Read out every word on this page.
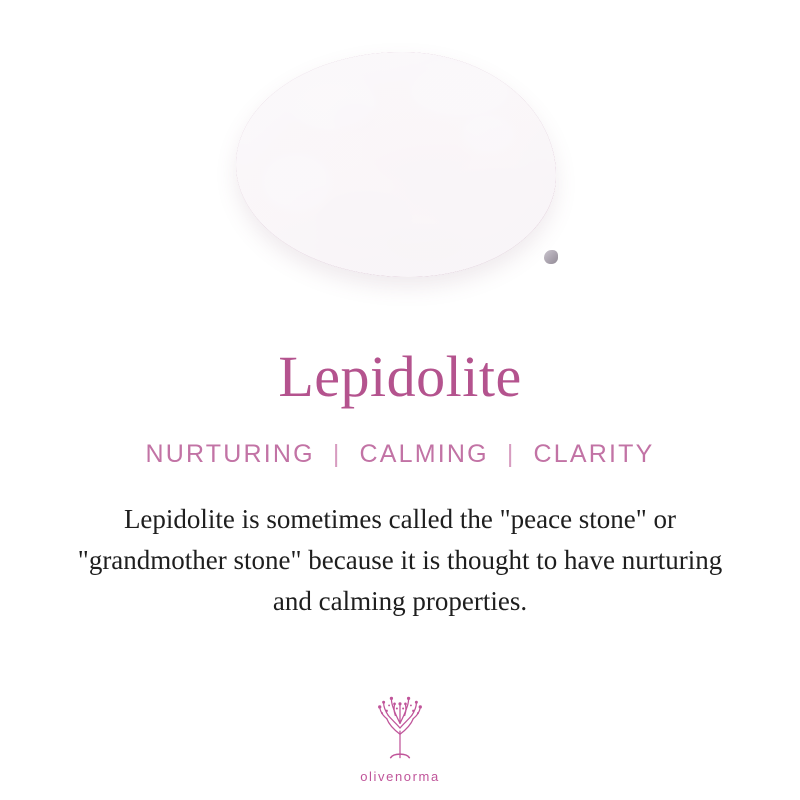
Lepidolite
NURTURING | CALMING | CLARITY

Lepidolite is sometimes called the "peace stone" or "grandmother stone" because it is thought to have nurturing and calming properties.

olivenorma
